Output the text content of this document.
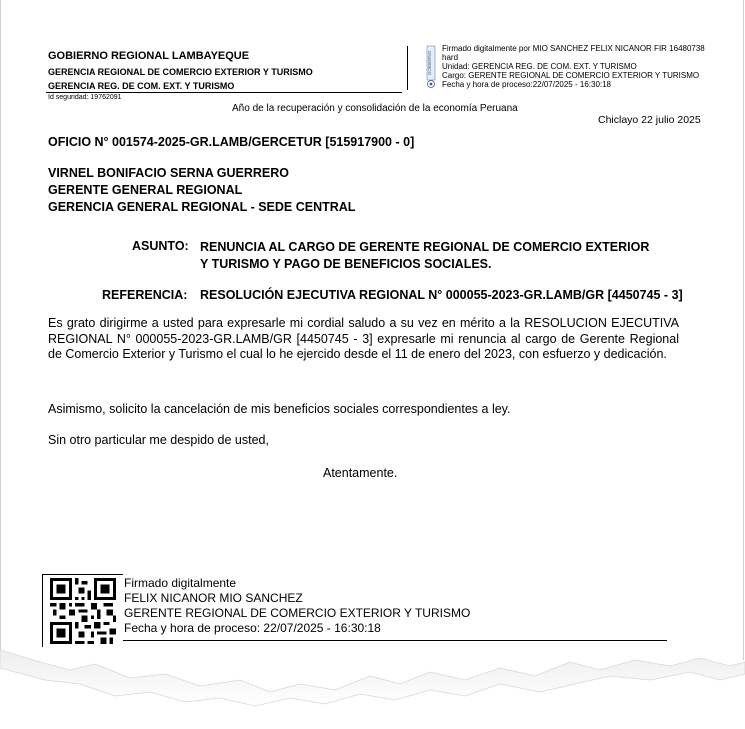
GOBIERNO REGIONAL LAMBAYEQUE
GERENCIA REGIONAL DE COMERCIO EXTERIOR Y TURISMO
GERENCIA REG. DE COM. EXT. Y TURISMO
Id seguridad: 19762091
GOBIERNO
Firmado digitalmente por MIO SANCHEZ FELIX NICANOR FIR 16480738
hard
Unidad: GERENCIA REG. DE COM. EXT. Y TURISMO
Cargo: GERENTE REGIONAL DE COMERCIO EXTERIOR Y TURISMO
Fecha y hora de proceso:22/07/2025 - 16:30:18
Año de la recuperación y consolidación de la economía Peruana
Chiclayo 22 julio 2025
OFICIO N° 001574-2025-GR.LAMB/GERCETUR [515917900 - 0]
VIRNEL BONIFACIO SERNA GUERRERO
GERENTE GENERAL REGIONAL
GERENCIA GENERAL REGIONAL - SEDE CENTRAL
ASUNTO: RENUNCIA AL CARGO DE GERENTE REGIONAL DE COMERCIO EXTERIOR
Y TURISMO Y PAGO DE BENEFICIOS SOCIALES.
REFERENCIA: RESOLUCIÓN EJECUTIVA REGIONAL N° 000055-2023-GR.LAMB/GR [4450745 - 3]
Es grato dirigirme a usted para expresarle mi cordial saludo a su vez en mérito a la RESOLUCION EJECUTIVA REGIONAL N° 000055-2023-GR.LAMB/GR [4450745 - 3] expresarle mi renuncia al cargo de Gerente Regional de Comercio Exterior y Turismo el cual lo he ejercido desde el 11 de enero del 2023, con esfuerzo y dedicación.
Asimismo, solicito la cancelación de mis beneficios sociales correspondientes a ley.
Sin otro particular me despido de usted,
Atentamente.
Firmado digitalmente
FELIX NICANOR MIO SANCHEZ
GERENTE REGIONAL DE COMERCIO EXTERIOR Y TURISMO
Fecha y hora de proceso: 22/07/2025 - 16:30:18
